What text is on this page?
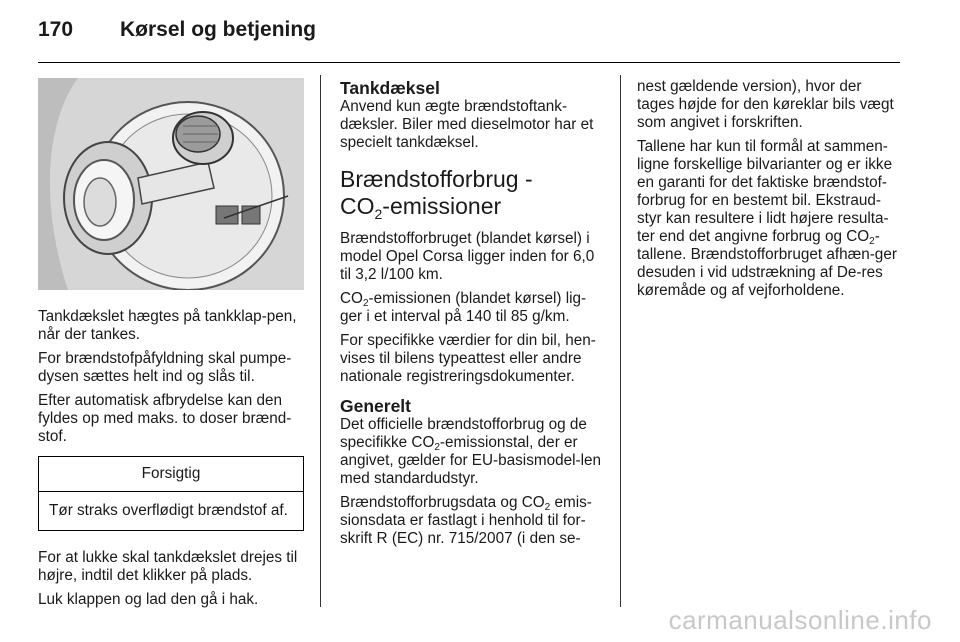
170 Kørsel og betjening

Tankdækslet hægtes på tankklap-pen, når der tankes.

For brændstofpåfyldning skal pumpe-dysen sættes helt ind og slås til.

Efter automatisk afbrydelse kan den fyldes op med maks. to doser brænd-stof.

Forsigtig
Tør straks overflødigt brændstof af.

For at lukke skal tankdækslet drejes til højre, indtil det klikker på plads.

Luk klappen og lad den gå i hak.

Tankdæksel

Anvend kun ægte brændstoftank-dæksler. Biler med dieselmotor har et specielt tankdæksel.

Brændstofforbrug -
$CO_2$-emissioner

Brændstofforbruget (blandet kørsel) i model Opel Corsa ligger inden for 6,0 til 3,2 l/100 km.

$CO_2$-emissionen (blandet kørsel) lig-ger i et interval på 140 til 85 g/km.

For specifikke værdier for din bil, hen-vises til bilens typeattest eller andre nationale registreringsdokumenter.

Generelt

Det officielle brændstofforbrug og de specifikke $CO_2$-emissionstal, der er angivet, gælder for EU-basismodel-len med standardudstyr.

Brændstofforbrugsdata og $CO_2$ emis-sionsdata er fastlagt i henhold til for-skrift R (EC) nr. 715/2007 (i den se-

nest gældende version), hvor der tages højde for den køreklar bils vægt som angivet i forskriften.

Tallene har kun til formål at sammen-ligne forskellige bilvarianter og er ikke en garanti for det faktiske brændstof-forbrug for en bestemt bil. Ekstraud-styr kan resultere i lidt højere resulta-ter end det angivne forbrug og $CO_2$-tallene. Brændstofforbruget afhæn-ger desuden i vid udstrækning af De-res køremåde og af vejforholdene.

carmanualsonline.info
